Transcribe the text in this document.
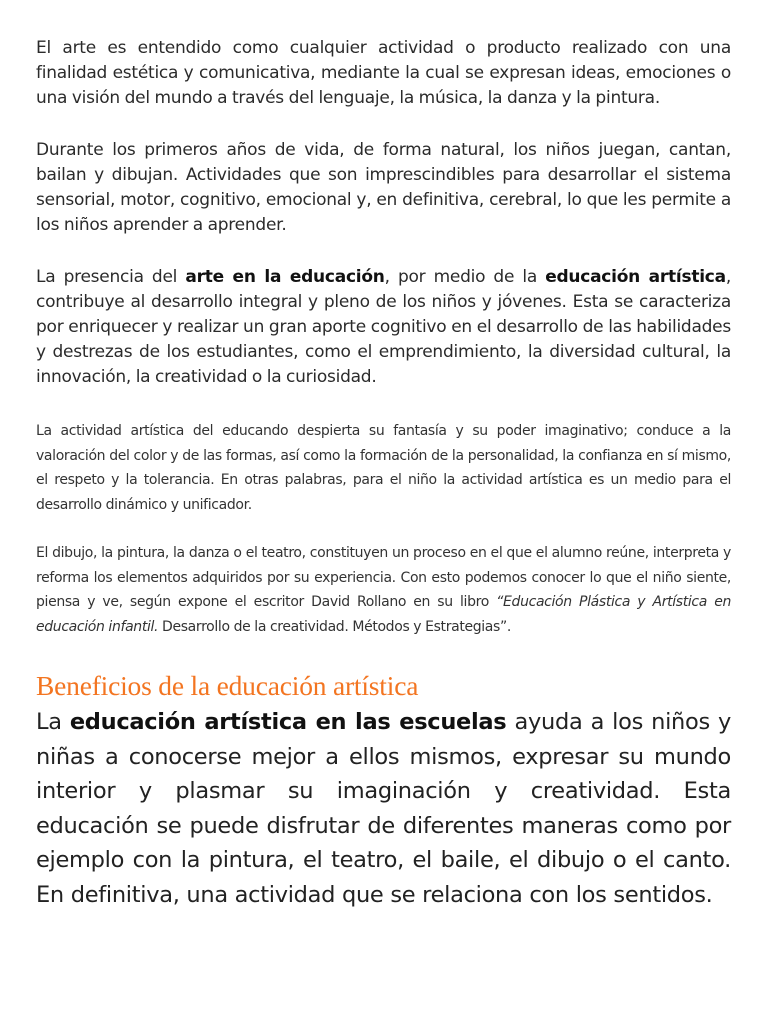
El arte es entendido como cualquier actividad o producto realizado con una finalidad estética y comunicativa, mediante la cual se expresan ideas, emociones o una visión del mundo a través del lenguaje, la música, la danza y la pintura.

Durante los primeros años de vida, de forma natural, los niños juegan, cantan, bailan y dibujan. Actividades que son imprescindibles para desarrollar el sistema sensorial, motor, cognitivo, emocional y, en definitiva, cerebral, lo que les permite a los niños aprender a aprender.

La presencia del arte en la educación, por medio de la educación artística, contribuye al desarrollo integral y pleno de los niños y jóvenes. Esta se caracteriza por enriquecer y realizar un gran aporte cognitivo en el desarrollo de las habilidades y destrezas de los estudiantes, como el emprendimiento, la diversidad cultural, la innovación, la creatividad o la curiosidad.

La actividad artística del educando despierta su fantasía y su poder imaginativo; conduce a la valoración del color y de las formas, así como la formación de la personalidad, la confianza en sí mismo, el respeto y la tolerancia. En otras palabras, para el niño la actividad artística es un medio para el desarrollo dinámico y unificador.

El dibujo, la pintura, la danza o el teatro, constituyen un proceso en el que el alumno reúne, interpreta y reforma los elementos adquiridos por su experiencia. Con esto podemos conocer lo que el niño siente, piensa y ve, según expone el escritor David Rollano en su libro “Educación Plástica y Artística en educación infantil. Desarrollo de la creatividad. Métodos y Estrategias”.

Beneficios de la educación artística

La educación artística en las escuelas ayuda a los niños y niñas a conocerse mejor a ellos mismos, expresar su mundo interior y plasmar su imaginación y creatividad. Esta educación se puede disfrutar de diferentes maneras como por ejemplo con la pintura, el teatro, el baile, el dibujo o el canto. En definitiva, una actividad que se relaciona con los sentidos.
